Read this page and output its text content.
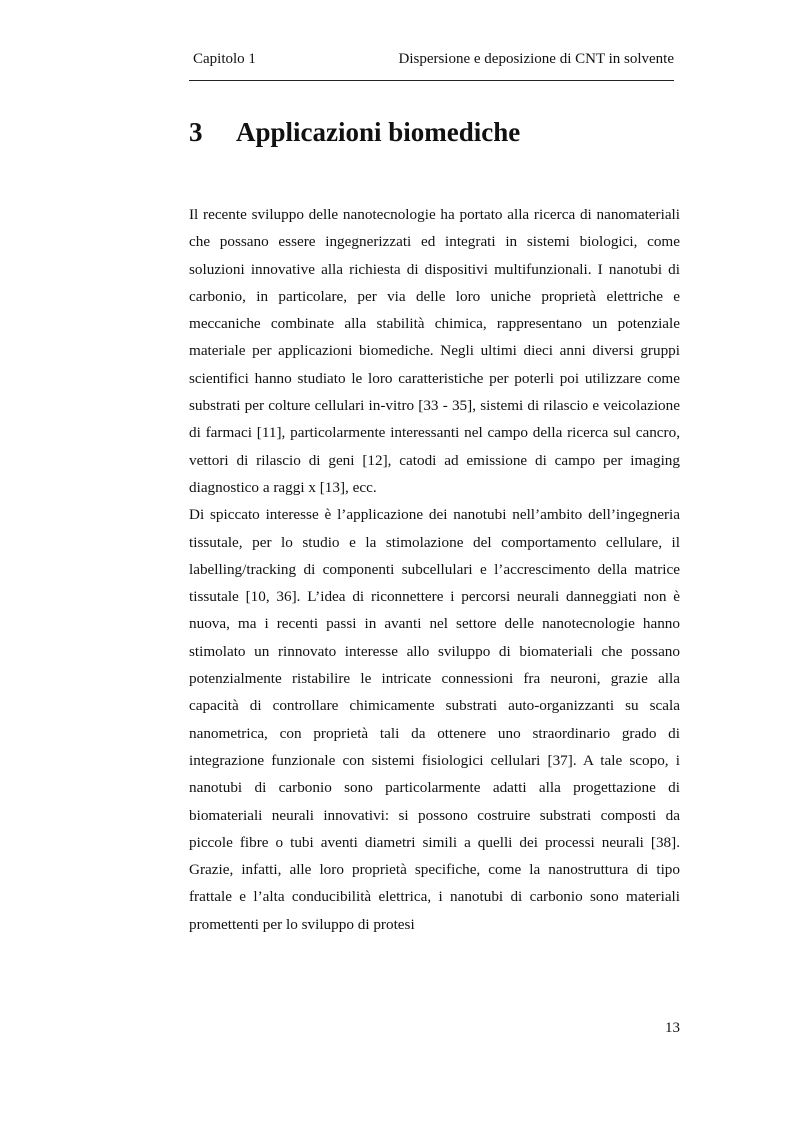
Capitolo 1	Dispersione e deposizione di CNT in solvente
3 Applicazioni biomediche

Il recente sviluppo delle nanotecnologie ha portato alla ricerca di nanomateriali che possano essere ingegnerizzati ed integrati in sistemi biologici, come soluzioni innovative alla richiesta di dispositivi multifunzionali. I nanotubi di carbonio, in particolare, per via delle loro uniche proprietà elettriche e meccaniche combinate alla stabilità chimica, rappresentano un potenziale materiale per applicazioni biomediche. Negli ultimi dieci anni diversi gruppi scientifici hanno studiato le loro caratteristiche per poterli poi utilizzare come substrati per colture cellulari in-vitro [33 - 35], sistemi di rilascio e veicolazione di farmaci [11], particolarmente interessanti nel campo della ricerca sul cancro, vettori di rilascio di geni [12], catodi ad emissione di campo per imaging diagnostico a raggi x [13], ecc.

Di spiccato interesse è l’applicazione dei nanotubi nell’ambito dell’ingegneria tissutale, per lo studio e la stimolazione del comportamento cellulare, il labelling/tracking di componenti subcellulari e l’accrescimento della matrice tissutale [10, 36]. L’idea di riconnettere i percorsi neurali danneggiati non è nuova, ma i recenti passi in avanti nel settore delle nanotecnologie hanno stimolato un rinnovato interesse allo sviluppo di biomateriali che possano potenzialmente ristabilire le intricate connessioni fra neuroni, grazie alla capacità di controllare chimicamente substrati auto-organizzanti su scala nanometrica, con proprietà tali da ottenere uno straordinario grado di integrazione funzionale con sistemi fisiologici cellulari [37]. A tale scopo, i nanotubi di carbonio sono particolarmente adatti alla progettazione di biomateriali neurali innovativi: si possono costruire substrati composti da piccole fibre o tubi aventi diametri simili a quelli dei processi neurali [38]. Grazie, infatti, alle loro proprietà specifiche, come la nanostruttura di tipo frattale e l’alta conducibilità elettrica, i nanotubi di carbonio sono materiali promettenti per lo sviluppo di protesi

13
